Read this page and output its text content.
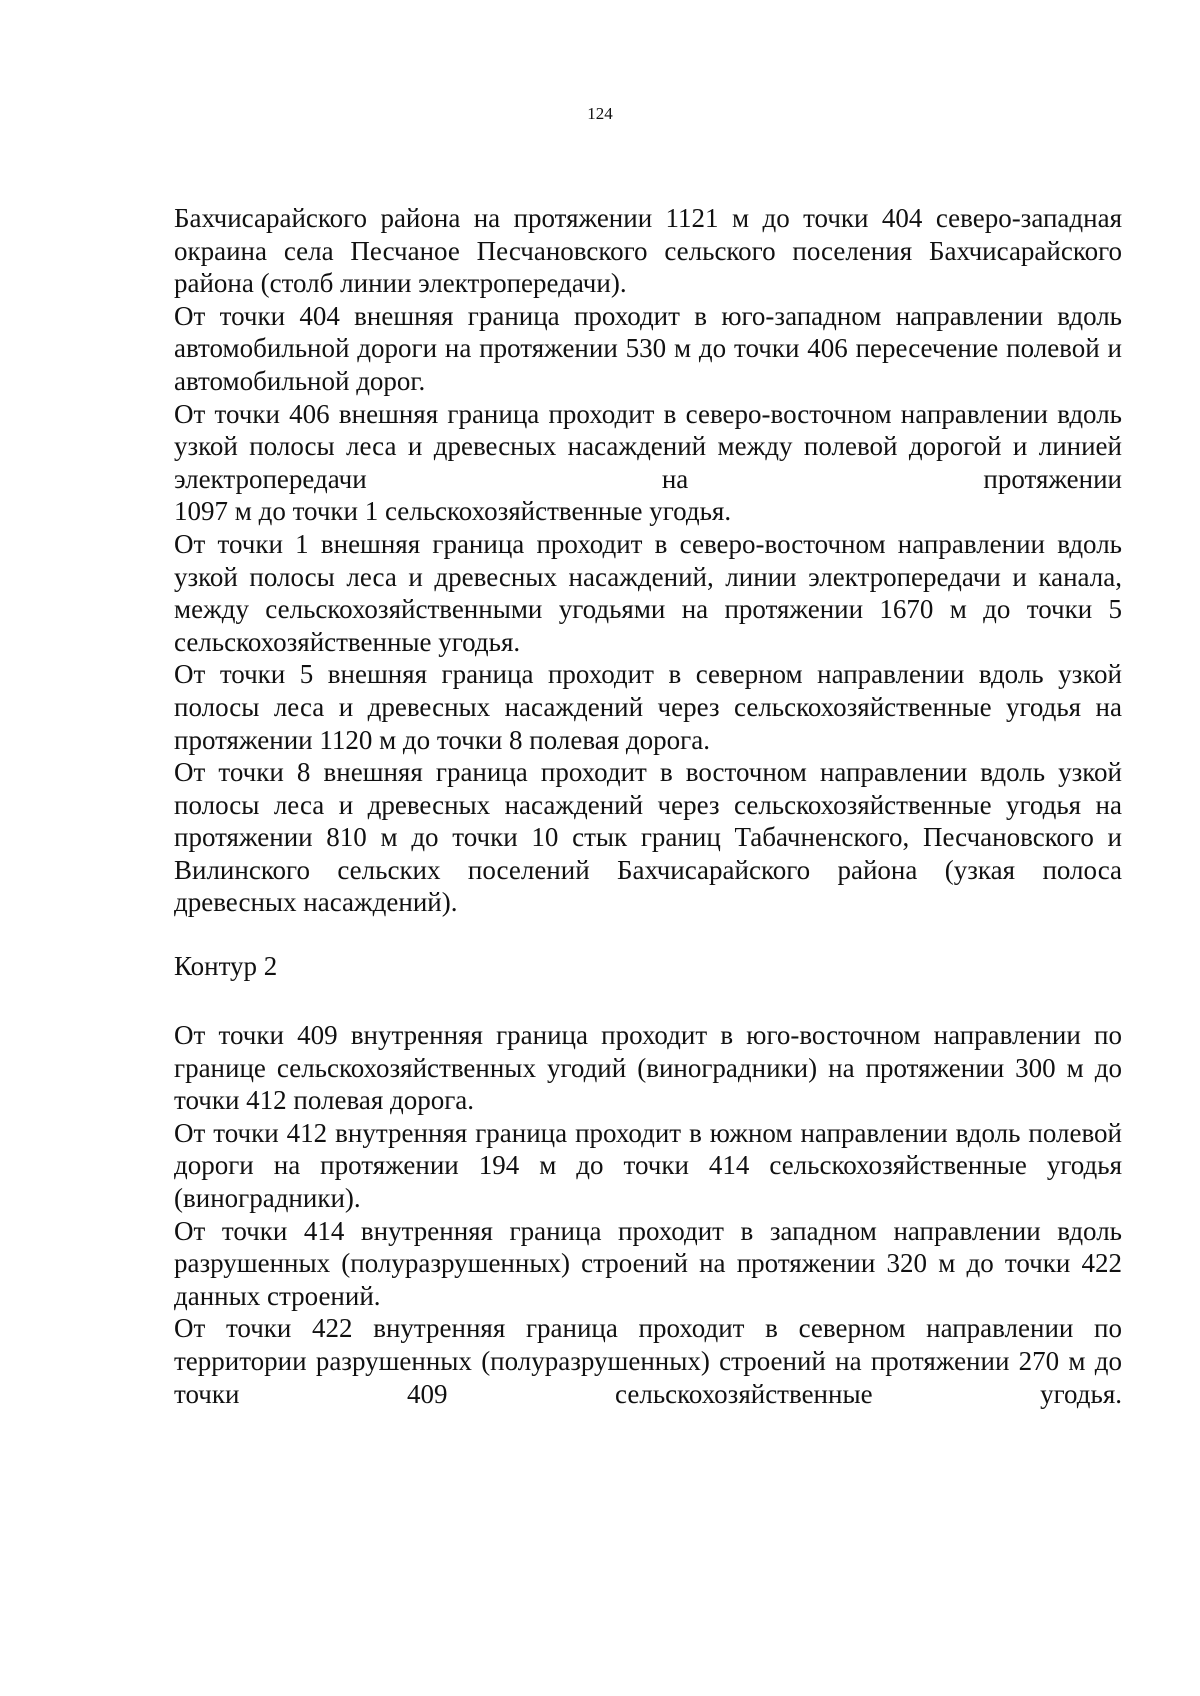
124

Бахчисарайского района на протяжении 1121 м до точки 404 северо-западная окраина села Песчаное Песчановского сельского поселения Бахчисарайского района (столб линии электропередачи).

От точки 404 внешняя граница проходит в юго-западном направлении вдоль автомобильной дороги на протяжении 530 м до точки 406 пересечение полевой и автомобильной дорог.

От точки 406 внешняя граница проходит в северо-восточном направлении вдоль узкой полосы леса и древесных насаждений между полевой дорогой и линией электропередачи на протяжении

1097 м до точки 1 сельскохозяйственные угодья.

От точки 1 внешняя граница проходит в северо-восточном направлении вдоль узкой полосы леса и древесных насаждений, линии электропередачи и канала, между сельскохозяйственными угодьями на протяжении 1670 м до точки 5 сельскохозяйственные угодья.

От точки 5 внешняя граница проходит в северном направлении вдоль узкой полосы леса и древесных насаждений через сельскохозяйственные угодья на протяжении 1120 м до точки 8 полевая дорога.

От точки 8 внешняя граница проходит в восточном направлении вдоль узкой полосы леса и древесных насаждений через сельскохозяйственные угодья на протяжении 810 м до точки 10 стык границ Табачненского, Песчановского и Вилинского сельских поселений Бахчисарайского района (узкая полоса древесных насаждений).

Контур 2

От точки 409 внутренняя граница проходит в юго-восточном направлении по границе сельскохозяйственных угодий (виноградники) на протяжении 300 м до точки 412 полевая дорога.

От точки 412 внутренняя граница проходит в южном направлении вдоль полевой дороги на протяжении 194 м до точки 414 сельскохозяйственные угодья (виноградники).

От точки 414 внутренняя граница проходит в западном направлении вдоль разрушенных (полуразрушенных) строений на протяжении 320 м до точки 422 данных строений.

От точки 422 внутренняя граница проходит в северном направлении по территории разрушенных (полуразрушенных) строений на протяжении 270 м до точки 409 сельскохозяйственные угодья.
